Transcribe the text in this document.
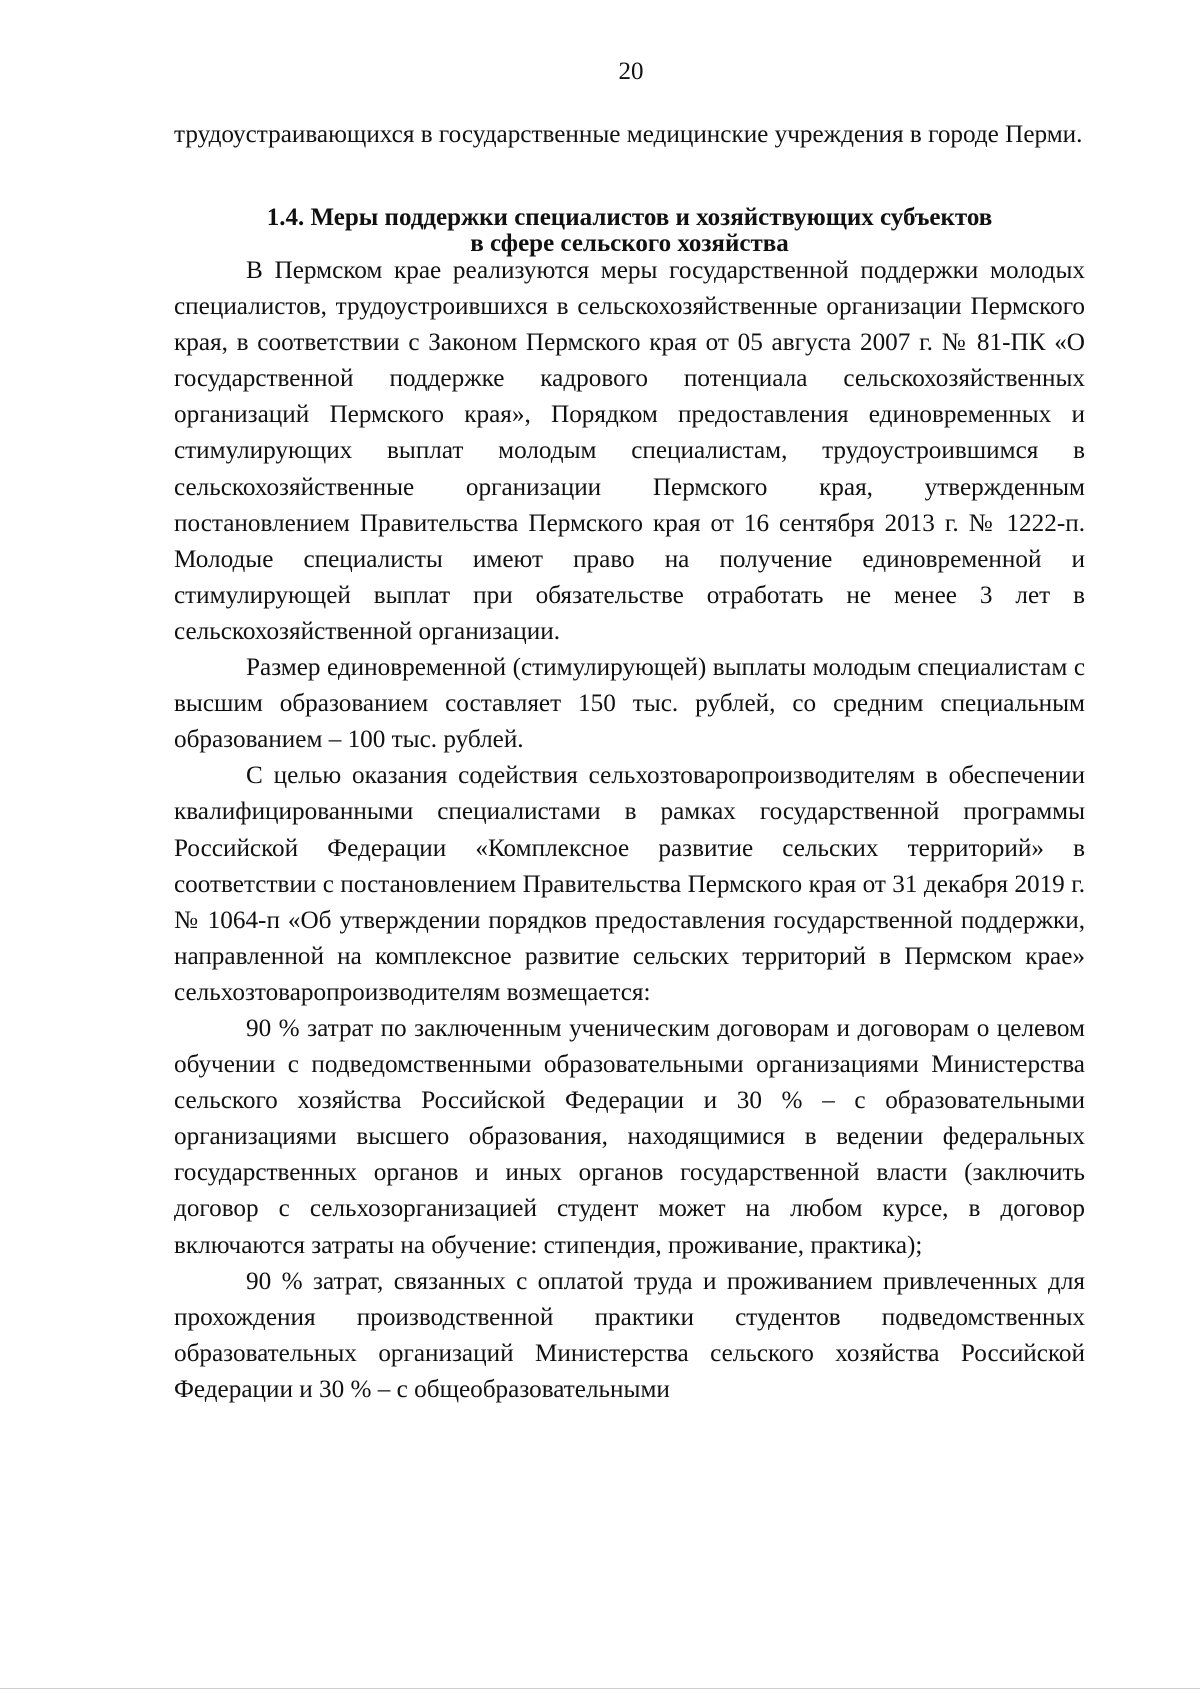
20

трудоустраивающихся в государственные медицинские учреждения в городе Перми.

1.4. Меры поддержки специалистов и хозяйствующих субъектов
в сфере сельского хозяйства

В Пермском крае реализуются меры государственной поддержки молодых специалистов, трудоустроившихся в сельскохозяйственные организации Пермского края, в соответствии с Законом Пермского края от 05 августа 2007 г. № 81-ПК «О государственной поддержке кадрового потенциала сельскохозяйственных организаций Пермского края», Порядком предоставления единовременных и стимулирующих выплат молодым специалистам, трудоустроившимся в сельскохозяйственные организации Пермского края, утвержденным постановлением Правительства Пермского края от 16 сентября 2013 г. № 1222-п. Молодые специалисты имеют право на получение единовременной и стимулирующей выплат при обязательстве отработать не менее 3 лет в сельскохозяйственной организации.

Размер единовременной (стимулирующей) выплаты молодым специалистам с высшим образованием составляет 150 тыс. рублей, со средним специальным образованием – 100 тыс. рублей.

С целью оказания содействия сельхозтоваропроизводителям в обеспечении квалифицированными специалистами в рамках государственной программы Российской Федерации «Комплексное развитие сельских территорий» в соответствии с постановлением Правительства Пермского края от 31 декабря 2019 г. № 1064-п «Об утверждении порядков предоставления государственной поддержки, направленной на комплексное развитие сельских территорий в Пермском крае» сельхозтоваропроизводителям возмещается:

90 % затрат по заключенным ученическим договорам и договорам о целевом обучении с подведомственными образовательными организациями Министерства сельского хозяйства Российской Федерации и 30 % – с образовательными организациями высшего образования, находящимися в ведении федеральных государственных органов и иных органов государственной власти (заключить договор с сельхозорганизацией студент может на любом курсе, в договор включаются затраты на обучение: стипендия, проживание, практика);

90 % затрат, связанных с оплатой труда и проживанием привлеченных для прохождения производственной практики студентов подведомственных образовательных организаций Министерства сельского хозяйства Российской Федерации и 30 % – с общеобразовательными
